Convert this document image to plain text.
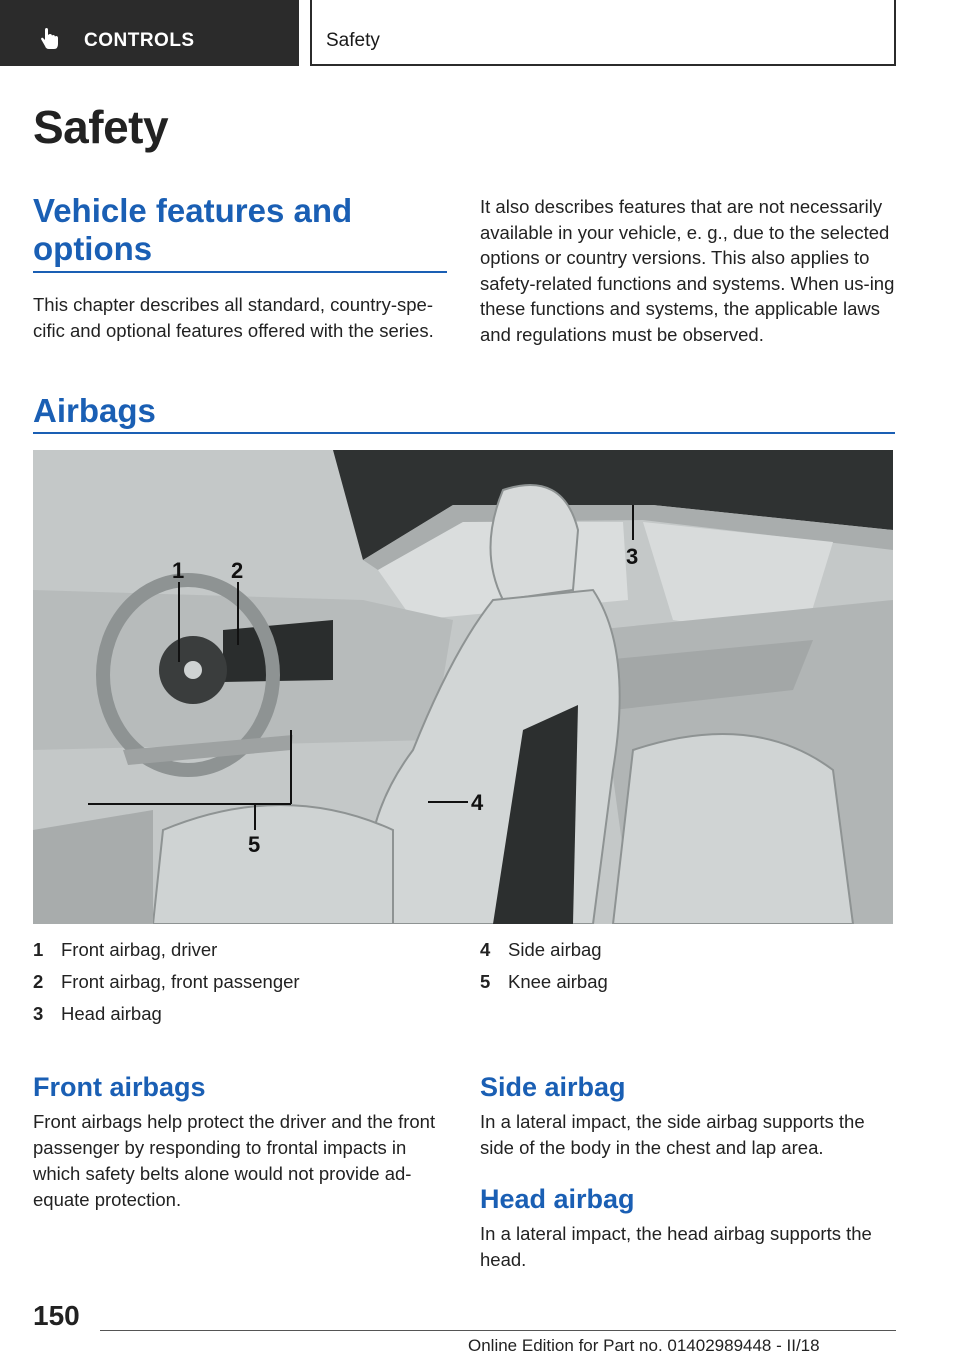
CONTROLS	Safety
Safety
Vehicle features and options

This chapter describes all standard, country-spe-cific and optional features offered with the series.

It also describes features that are not necessarily available in your vehicle, e. g., due to the selected options or country versions. This also applies to safety-related functions and systems. When us-ing these functions and systems, the applicable laws and regulations must be observed.

Airbags
1 2
3
4
5
1 Front airbag, driver
2 Front airbag, front passenger
3 Head airbag
4 Side airbag
5 Knee airbag
Front airbags

Front airbags help protect the driver and the front passenger by responding to frontal impacts in which safety belts alone would not provide ad-equate protection.

Side airbag

In a lateral impact, the side airbag supports the side of the body in the chest and lap area.

Head airbag

In a lateral impact, the head airbag supports the head.

150
Online Edition for Part no. 01402989448 - II/18
